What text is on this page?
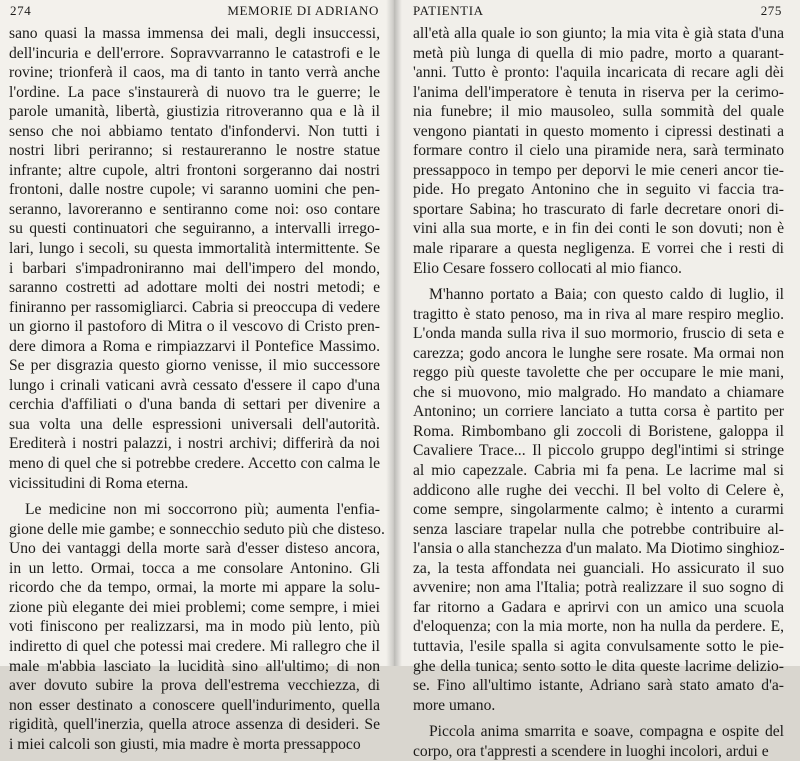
274	MEMORIE DI ADRIANO
sano quasi la massa immensa dei mali, degli insuccessi,
dell'incuria e dell'errore. Sopravvarranno le catastrofi e le
rovine; trionferà il caos, ma di tanto in tanto verrà anche
l'ordine. La pace s'instaurerà di nuovo tra le guerre; le
parole umanità, libertà, giustizia ritroveranno qua e là il
senso che noi abbiamo tentato d'infondervi. Non tutti i
nostri libri periranno; si restaureranno le nostre statue
infrante; altre cupole, altri frontoni sorgeranno dai nostri
frontoni, dalle nostre cupole; vi saranno uomini che pen-
seranno, lavoreranno e sentiranno come noi: oso contare
su questi continuatori che seguiranno, a intervalli irrego-
lari, lungo i secoli, su questa immortalità intermittente. Se
i barbari s'impadroniranno mai dell'impero del mondo,
saranno costretti ad adottare molti dei nostri metodi; e
finiranno per rassomigliarci. Cabria si preoccupa di vedere
un giorno il pastoforo di Mitra o il vescovo di Cristo pren-
dere dimora a Roma e rimpiazzarvi il Pontefice Massimo.
Se per disgrazia questo giorno venisse, il mio successore
lungo i crinali vaticani avrà cessato d'essere il capo d'una
cerchia d'affiliati o d'una banda di settari per divenire a
sua volta una delle espressioni universali dell'autorità.
Erediterà i nostri palazzi, i nostri archivi; differirà da noi
meno di quel che si potrebbe credere. Accetto con calma le
vicissitudini di Roma eterna.
Le medicine non mi soccorrono più; aumenta l'enfia-
gione delle mie gambe; e sonnecchio seduto più che disteso.
Uno dei vantaggi della morte sarà d'esser disteso ancora,
in un letto. Ormai, tocca a me consolare Antonino. Gli
ricordo che da tempo, ormai, la morte mi appare la solu-
zione più elegante dei miei problemi; come sempre, i miei
voti finiscono per realizzarsi, ma in modo più lento, più
indiretto di quel che potessi mai credere. Mi rallegro che il
male m'abbia lasciato la lucidità sino all'ultimo; di non
aver dovuto subire la prova dell'estrema vecchiezza, di
non esser destinato a conoscere quell'indurimento, quella
rigidità, quell'inerzia, quella atroce assenza di desideri. Se
i miei calcoli son giusti, mia madre è morta pressappoco
PATIENTIA	275
all'età alla quale io son giunto; la mia vita è già stata d'una
metà più lunga di quella di mio padre, morto a quarant-
'anni. Tutto è pronto: l'aquila incaricata di recare agli dèi
l'anima dell'imperatore è tenuta in riserva per la cerimo-
nia funebre; il mio mausoleo, sulla sommità del quale
vengono piantati in questo momento i cipressi destinati a
formare contro il cielo una piramide nera, sarà terminato
pressappoco in tempo per deporvi le mie ceneri ancor tie-
pide. Ho pregato Antonino che in seguito vi faccia tra-
sportare Sabina; ho trascurato di farle decretare onori di-
vini alla sua morte, e in fin dei conti le son dovuti; non è
male riparare a questa negligenza. E vorrei che i resti di
Elio Cesare fossero collocati al mio fianco.
M'hanno portato a Baia; con questo caldo di luglio, il
tragitto è stato penoso, ma in riva al mare respiro meglio.
L'onda manda sulla riva il suo mormorio, fruscio di seta e
carezza; godo ancora le lunghe sere rosate. Ma ormai non
reggo più queste tavolette che per occupare le mie mani,
che si muovono, mio malgrado. Ho mandato a chiamare
Antonino; un corriere lanciato a tutta corsa è partito per
Roma. Rimbombano gli zoccoli di Boristene, galoppa il
Cavaliere Trace... Il piccolo gruppo degl'intimi si stringe
al mio capezzale. Cabria mi fa pena. Le lacrime mal si
addicono alle rughe dei vecchi. Il bel volto di Celere è,
come sempre, singolarmente calmo; è intento a curarmi
senza lasciare trapelar nulla che potrebbe contribuire al-
l'ansia o alla stanchezza d'un malato. Ma Diotimo singhioz-
za, la testa affondata nei guanciali. Ho assicurato il suo
avvenire; non ama l'Italia; potrà realizzare il suo sogno di
far ritorno a Gadara e aprirvi con un amico una scuola
d'eloquenza; con la mia morte, non ha nulla da perdere. E,
tuttavia, l'esile spalla si agita convulsamente sotto le pie-
ghe della tunica; sento sotto le dita queste lacrime delizio-
se. Fino all'ultimo istante, Adriano sarà stato amato d'a-
more umano.
Piccola anima smarrita e soave, compagna e ospite del
corpo, ora t'appresti a scendere in luoghi incolori, ardui e
